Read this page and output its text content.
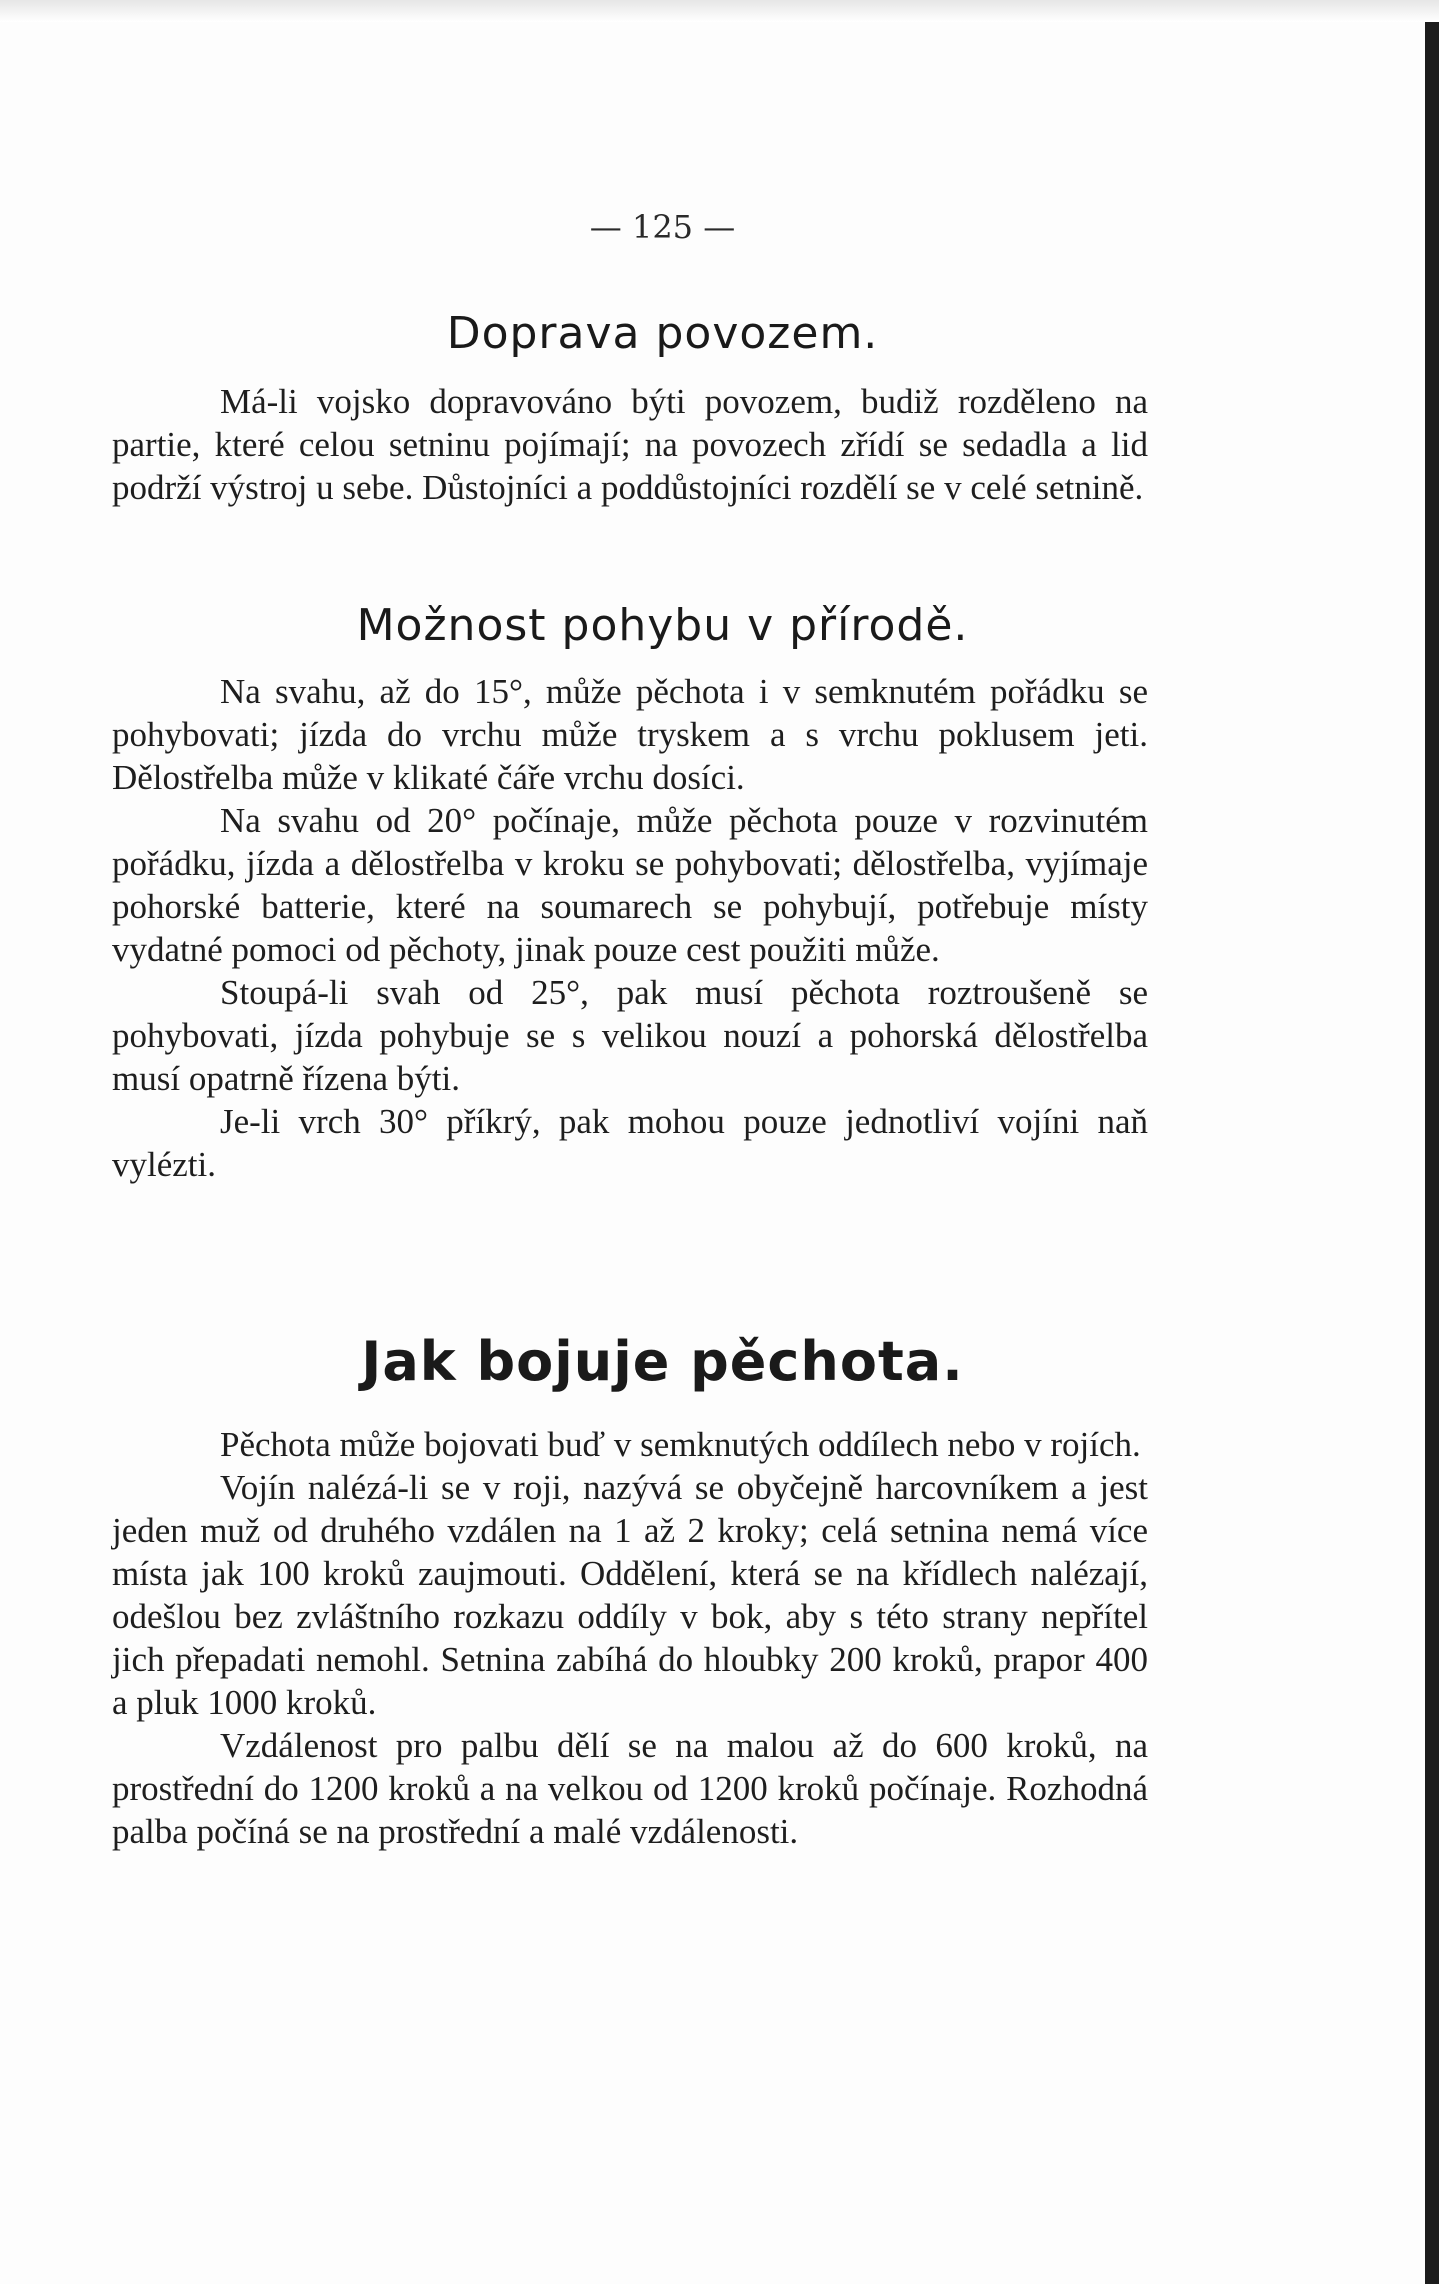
— 125 —
Doprava povozem.

Má-li vojsko dopravováno býti povozem, budiž rozděleno na partie, které celou setninu pojímají; na povozech zřídí se sedadla a lid podrží výstroj u sebe. Důstojníci a poddůstojníci rozdělí se v celé setnině.

Možnost pohybu v přírodě.

Na svahu, až do 15°, může pěchota i v semknutém pořádku se pohybovati; jízda do vrchu může tryskem a s vrchu poklusem jeti. Dělostřelba může v klikaté čáře vrchu dosíci.

Na svahu od 20° počínaje, může pěchota pouze v rozvinutém pořádku, jízda a dělostřelba v kroku se pohybovati; dělostřelba, vyjímaje pohorské batterie, které na soumarech se pohybují, potřebuje místy vydatné pomoci od pěchoty, jinak pouze cest použiti může.

Stoupá-li svah od 25°, pak musí pěchota roztroušeně se pohybovati, jízda pohybuje se s velikou nouzí a pohorská dělostřelba musí opatrně řízena býti.

Je-li vrch 30° příkrý, pak mohou pouze jednotliví vojíni naň vylézti.

Jak bojuje pěchota.

Pěchota může bojovati buď v semknutých oddílech nebo v rojích.

Vojín nalézá-li se v roji, nazývá se obyčejně harcovníkem a jest jeden muž od druhého vzdálen na 1 až 2 kroky; celá setnina nemá více místa jak 100 kroků zaujmouti. Oddělení, která se na křídlech nalézají, odešlou bez zvláštního rozkazu oddíly v bok, aby s této strany nepřítel jich přepadati nemohl. Setnina zabíhá do hloubky 200 kroků, prapor 400 a pluk 1000 kroků.

Vzdálenost pro palbu dělí se na malou až do 600 kroků, na prostřední do 1200 kroků a na velkou od 1200 kroků počínaje. Rozhodná palba počíná se na prostřední a malé vzdálenosti.
